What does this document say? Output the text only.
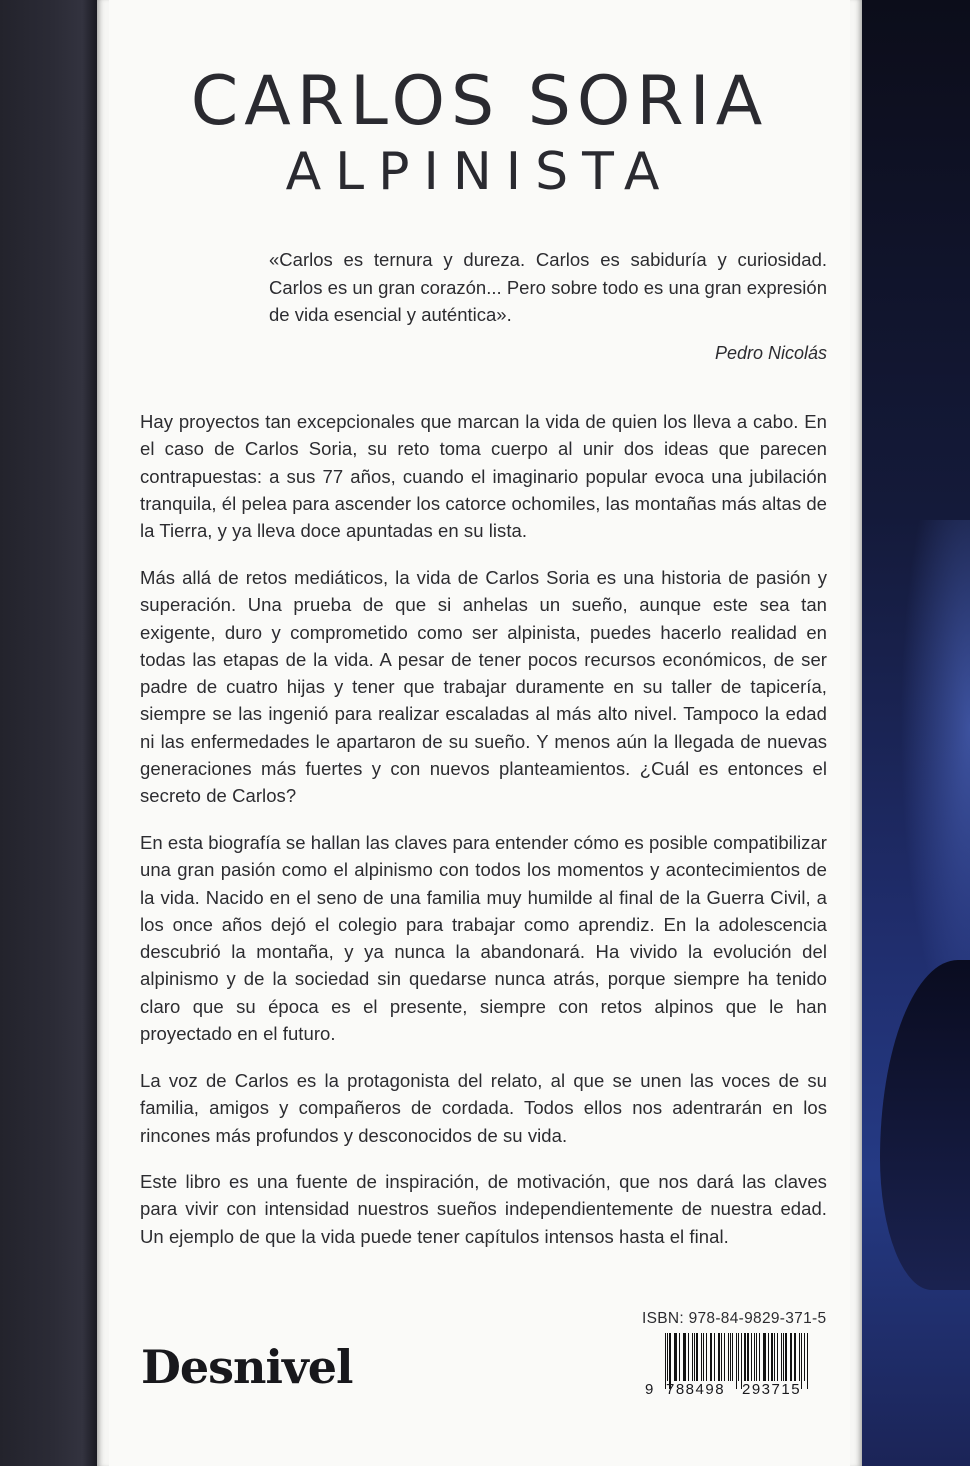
CARLOS SORIA
ALPINISTA
«Carlos es ternura y dureza. Carlos es sabiduría y curiosidad. Carlos es un gran corazón... Pero sobre todo es una gran expresión de vida esencial y auténtica».
Pedro Nicolás

Hay proyectos tan excepcionales que marcan la vida de quien los lleva a cabo. En el caso de Carlos Soria, su reto toma cuerpo al unir dos ideas que parecen contrapuestas: a sus 77 años, cuando el imaginario popular evoca una jubilación tranquila, él pelea para ascender los catorce ochomiles, las montañas más altas de la Tierra, y ya lleva doce apuntadas en su lista.

Más allá de retos mediáticos, la vida de Carlos Soria es una historia de pasión y superación. Una prueba de que si anhelas un sueño, aunque este sea tan exigente, duro y comprometido como ser alpinista, puedes hacerlo realidad en todas las etapas de la vida. A pesar de tener pocos recursos económicos, de ser padre de cuatro hijas y tener que trabajar duramente en su taller de tapicería, siempre se las ingenió para realizar escaladas al más alto nivel. Tampoco la edad ni las enfermedades le apartaron de su sueño. Y menos aún la llegada de nuevas generaciones más fuertes y con nuevos planteamientos. ¿Cuál es entonces el secreto de Carlos?

En esta biografía se hallan las claves para entender cómo es posible compatibilizar una gran pasión como el alpinismo con todos los momentos y acontecimientos de la vida. Nacido en el seno de una familia muy humilde al final de la Guerra Civil, a los once años dejó el colegio para trabajar como aprendiz. En la adolescencia descubrió la montaña, y ya nunca la abandonará. Ha vivido la evolución del alpinismo y de la sociedad sin quedarse nunca atrás, porque siempre ha tenido claro que su época es el presente, siempre con retos alpinos que le han proyectado en el futuro.

La voz de Carlos es la protagonista del relato, al que se unen las voces de su familia, amigos y compañeros de cordada. Todos ellos nos adentrarán en los rincones más profundos y desconocidos de su vida.

Este libro es una fuente de inspiración, de motivación, que nos dará las claves para vivir con intensidad nuestros sueños independientemente de nuestra edad. Un ejemplo de que la vida puede tener capítulos intensos hasta el final.

Desnivel
ISBN: 978-84-9829-371-5
9 788498 293715
